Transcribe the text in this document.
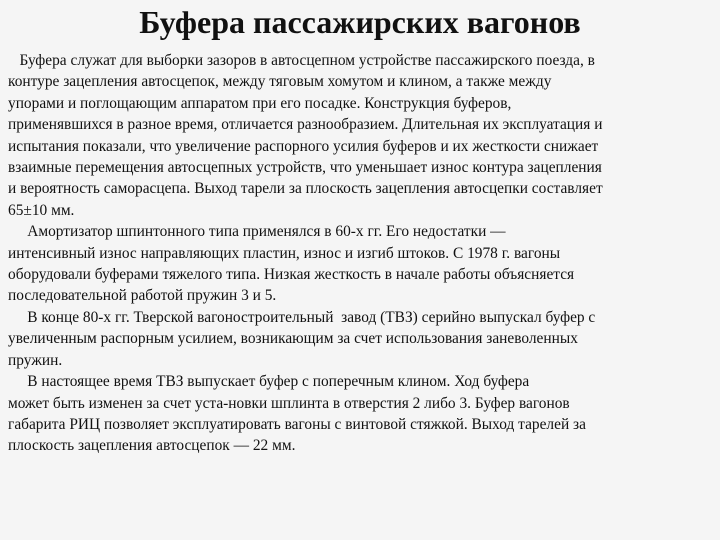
Буфера пассажирских вагонов
Буфера служат для выборки зазоров в автосцепном устройстве пассажирского поезда, в
контуре зацепления автосцепок, между тяговым хомутом и клином, а также между
упорами и поглощающим аппаратом при его посадке. Конструкция буферов,
применявшихся в разное время, отличается разнообразием. Длительная их эксплуатация и
испытания показали, что увеличение распорного усилия буферов и их жесткости снижает
взаимные перемещения автосцепных устройств, что уменьшает износ контура зацепления
и вероятность саморасцепа. Выход тарели за плоскость зацепления автосцепки составляет
65±10 мм.
Амортизатор шпинтонного типа применялся в 60-х гг. Его недостатки —
интенсивный износ направляющих пластин, износ и изгиб штоков. С 1978 г. вагоны
оборудовали буферами тяжелого типа. Низкая жесткость в начале работы объясняется
последовательной работой пружин 3 и 5.
В конце 80-х гг. Тверской вагоностроительный  завод (ТВЗ) серийно выпускал буфер с
увеличенным распорным усилием, возникающим за счет использования заневоленных
пружин.
В настоящее время ТВЗ выпускает буфер с поперечным клином. Ход буфера
может быть изменен за счет уста-новки шплинта в отверстия 2 либо 3. Буфер вагонов
габарита РИЦ позволяет эксплуатировать вагоны с винтовой стяжкой. Выход тарелей за
плоскость зацепления автосцепок — 22 мм.
